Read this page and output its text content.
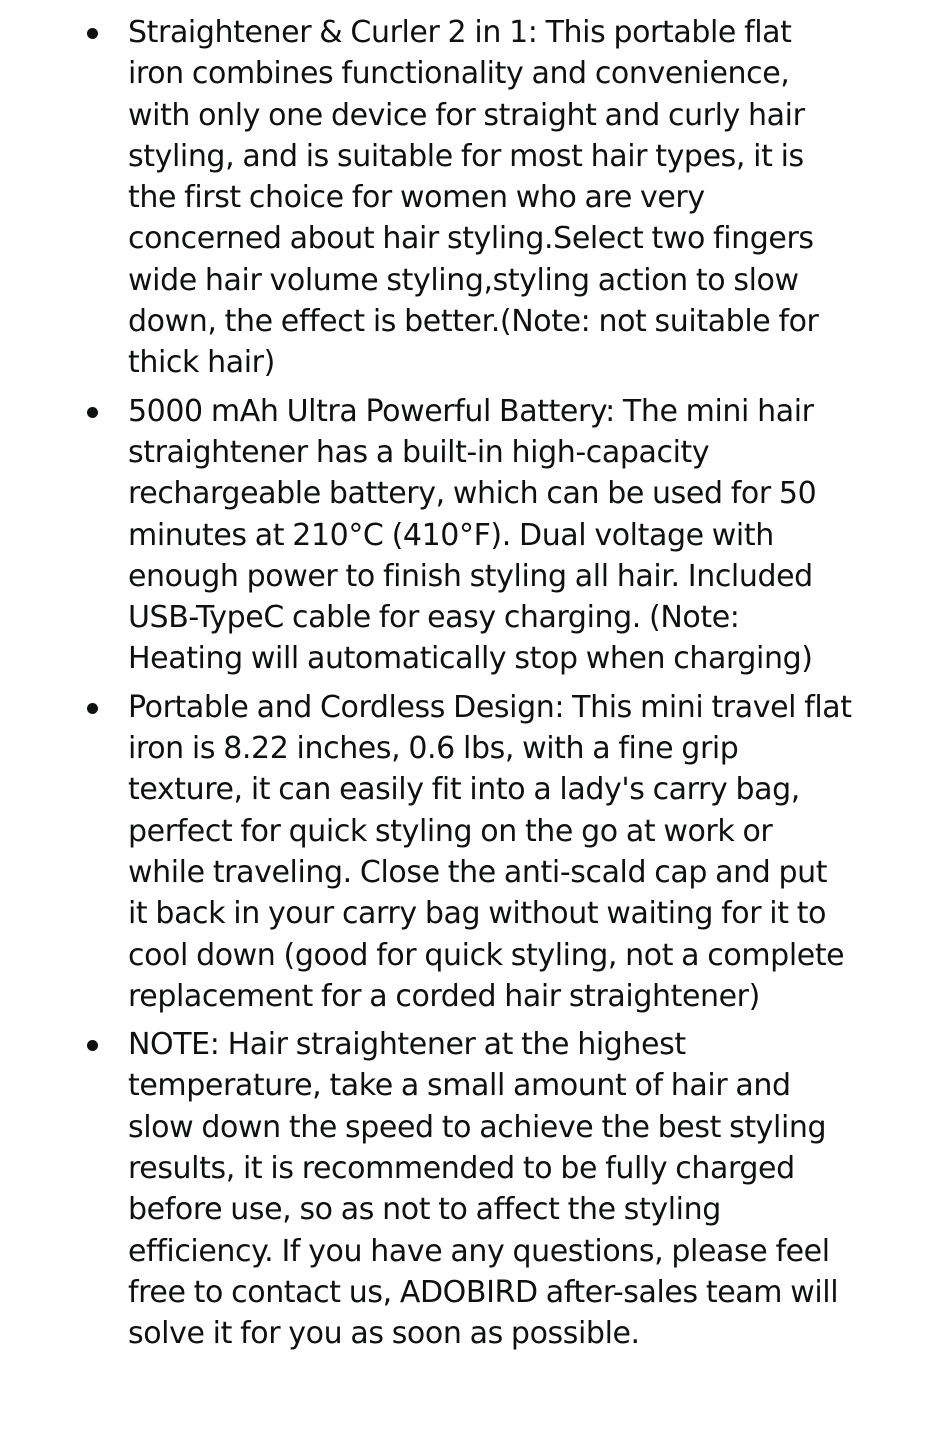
Straightener & Curler 2 in 1: This portable flat iron combines functionality and convenience, with only one device for straight and curly hair styling, and is suitable for most hair types, it is the first choice for women who are very concerned about hair styling.Select two fingers wide hair volume styling,styling action to slow down, the effect is better.(Note: not suitable for thick hair)
5000 mAh Ultra Powerful Battery: The mini hair straightener has a built-in high-capacity rechargeable battery, which can be used for 50 minutes at 210°C (410°F). Dual voltage with enough power to finish styling all hair. Included USB-TypeC cable for easy charging. (Note: Heating will automatically stop when charging)
Portable and Cordless Design: This mini travel flat iron is 8.22 inches, 0.6 lbs, with a fine grip texture, it can easily fit into a lady's carry bag, perfect for quick styling on the go at work or while traveling. Close the anti-scald cap and put it back in your carry bag without waiting for it to cool down (good for quick styling, not a complete replacement for a corded hair straightener)
NOTE: Hair straightener at the highest temperature, take a small amount of hair and slow down the speed to achieve the best styling results, it is recommended to be fully charged before use, so as not to affect the styling efficiency. If you have any questions, please feel free to contact us, ADOBIRD after-sales team will solve it for you as soon as possible.
